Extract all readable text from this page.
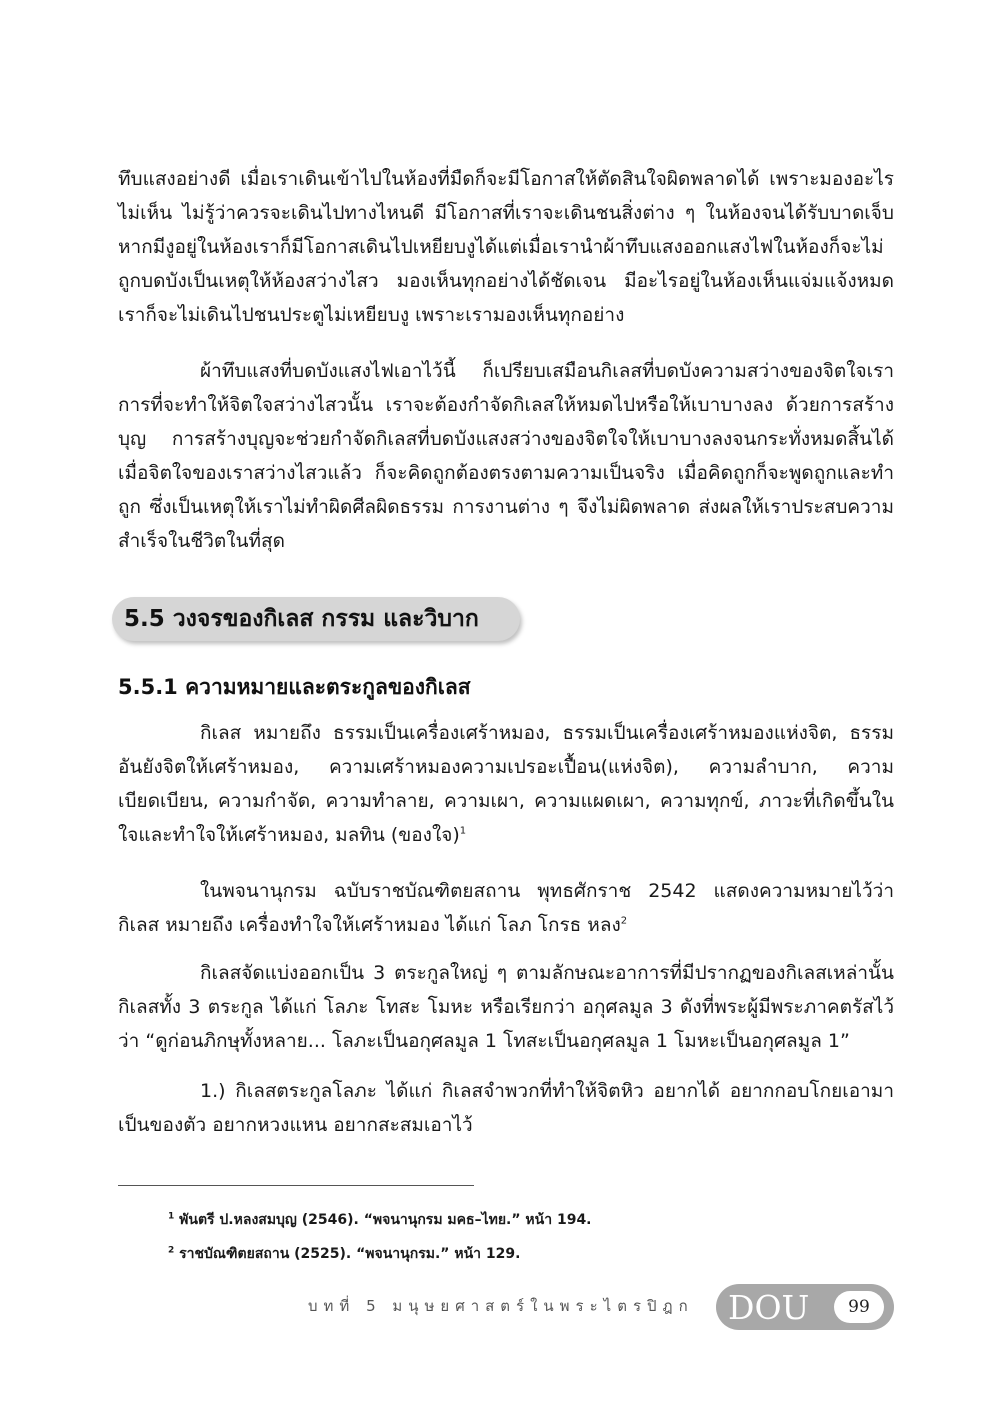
ทึบแสงอย่างดี เมื่อเราเดินเข้าไปในห้องที่มืดก็จะมีโอกาสให้ตัดสินใจผิดพลาดได้ เพราะมองอะไรไม่เห็น ไม่รู้ว่าควรจะเดินไปทางไหนดี มีโอกาสที่เราจะเดินชนสิ่งต่าง ๆ ในห้องจนได้รับบาดเจ็บ หากมีงูอยู่ในห้องเราก็มีโอกาสเดินไปเหยียบงูได้แต่เมื่อเรานำผ้าทึบแสงออกแสงไฟในห้องก็จะไม่ถูกบดบังเป็นเหตุให้ห้องสว่างไสว มองเห็นทุกอย่างได้ชัดเจน มีอะไรอยู่ในห้องเห็นแจ่มแจ้งหมด เราก็จะไม่เดินไปชนประตูไม่เหยียบงู เพราะเรามองเห็นทุกอย่าง

ผ้าทึบแสงที่บดบังแสงไฟเอาไว้นี้ ก็เปรียบเสมือนกิเลสที่บดบังความสว่างของจิตใจเรา การที่จะทำให้จิตใจสว่างไสวนั้น เราจะต้องกำจัดกิเลสให้หมดไปหรือให้เบาบางลง ด้วยการสร้างบุญ การสร้างบุญจะช่วยกำจัดกิเลสที่บดบังแสงสว่างของจิตใจให้เบาบางลงจนกระทั่งหมดสิ้นได้ เมื่อจิตใจของเราสว่างไสวแล้ว ก็จะคิดถูกต้องตรงตามความเป็นจริง เมื่อคิดถูกก็จะพูดถูกและทำถูก ซึ่งเป็นเหตุให้เราไม่ทำผิดศีลผิดธรรม การงานต่าง ๆ จึงไม่ผิดพลาด ส่งผลให้เราประสบความสำเร็จในชีวิตในที่สุด

5.5 วงจรของกิเลส กรรม และวิบาก
5.5.1 ความหมายและตระกูลของกิเลส

กิเลส หมายถึง ธรรมเป็นเครื่องเศร้าหมอง, ธรรมเป็นเครื่องเศร้าหมองแห่งจิต, ธรรมอันยังจิตให้เศร้าหมอง, ความเศร้าหมองความเปรอะเปื้อน(แห่งจิต), ความลำบาก, ความเบียดเบียน, ความกำจัด, ความทำลาย, ความเผา, ความแผดเผา, ความทุกข์, ภาวะที่เกิดขึ้นในใจและทำใจให้เศร้าหมอง, มลทิน (ของใจ)$^1$

ในพจนานุกรม ฉบับราชบัณฑิตยสถาน พุทธศักราช 2542 แสดงความหมายไว้ว่า กิเลส หมายถึง เครื่องทำใจให้เศร้าหมอง ได้แก่ โลภ โกรธ หลง$^2$

กิเลสจัดแบ่งออกเป็น 3 ตระกูลใหญ่ ๆ ตามลักษณะอาการที่มีปรากฏของกิเลสเหล่านั้น กิเลสทั้ง 3 ตระกูล ได้แก่ โลภะ โทสะ โมหะ หรือเรียกว่า อกุศลมูล 3 ดังที่พระผู้มีพระภาคตรัสไว้ว่า “ดูก่อนภิกษุทั้งหลาย... โลภะเป็นอกุศลมูล 1 โทสะเป็นอกุศลมูล 1 โมหะเป็นอกุศลมูล 1”

1.) กิเลสตระกูลโลภะ ได้แก่ กิเลสจำพวกที่ทำให้จิตหิว อยากได้ อยากกอบโกยเอามาเป็นของตัว อยากหวงแหน อยากสะสมเอาไว้

$^1$ พันตรี ป.หลงสมบุญ (2546). “พจนานุกรม มคธ–ไทย.” หน้า 194.

$^2$ ราชบัณฑิตยสถาน (2525). “พจนานุกรม.” หน้า 129.

บทที่ 5 มนุษยศาสตร์ในพระไตรปิฎก DOU	99
